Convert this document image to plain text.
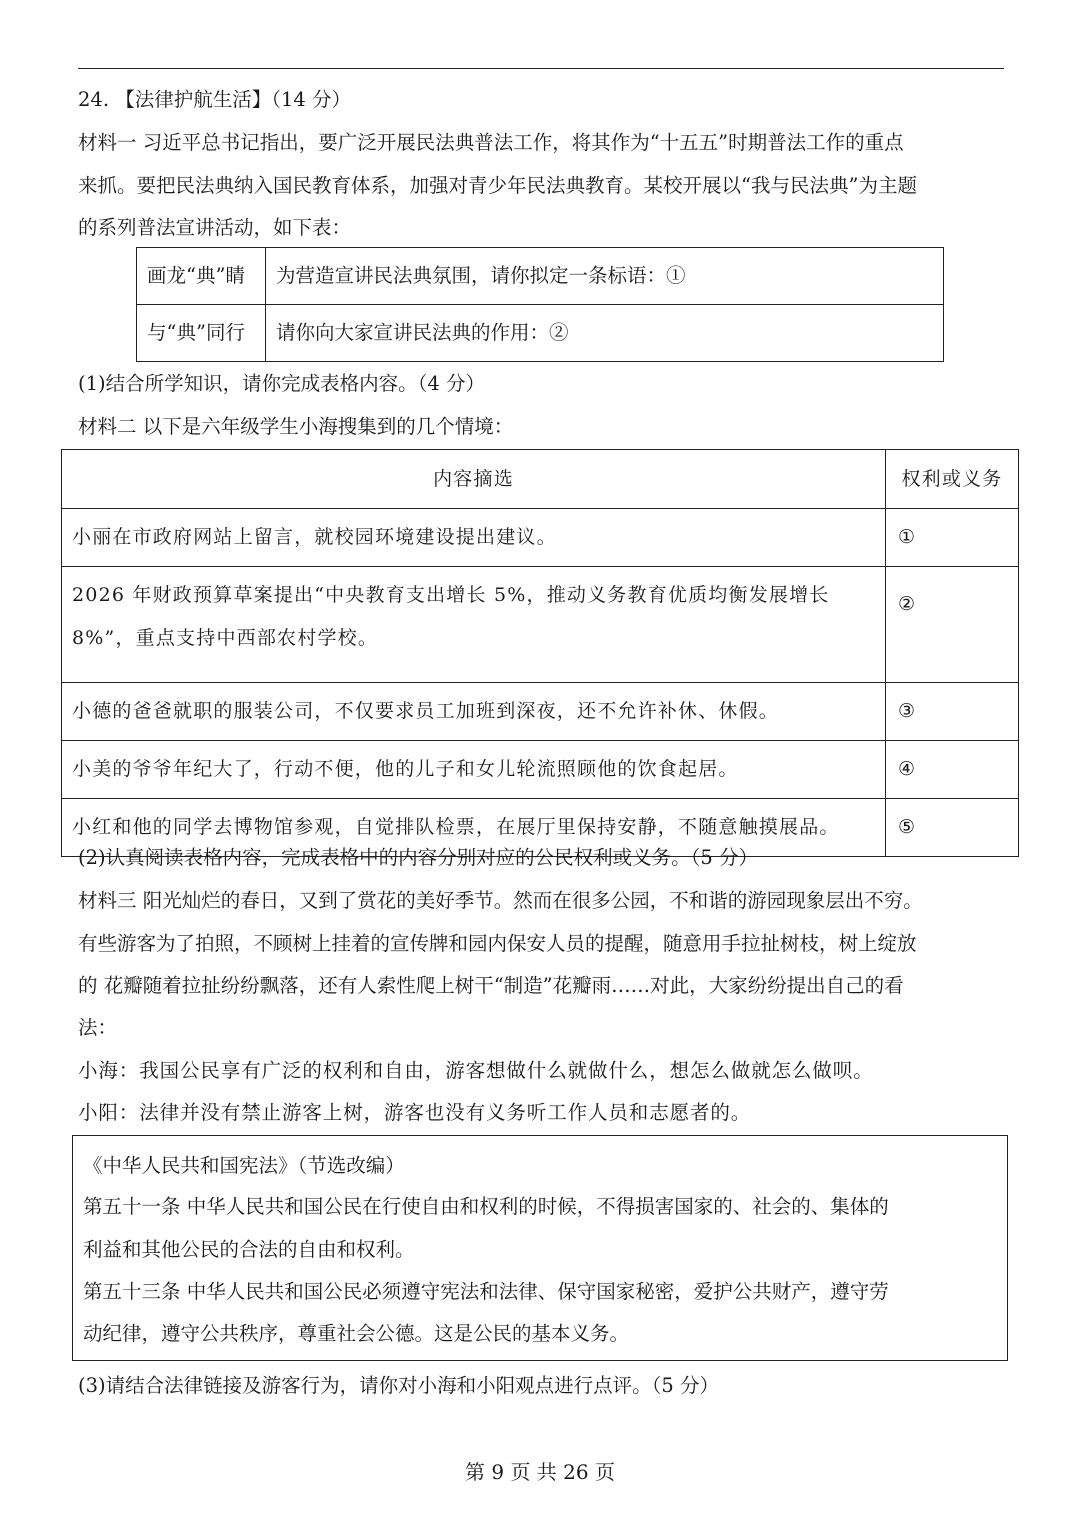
24. 【法律护航生活】（14 分）
材料一 习近平总书记指出，要广泛开展民法典普法工作，将其作为“十五五”时期普法工作的重点
来抓。要把民法典纳入国民教育体系，加强对青少年民法典教育。某校开展以“我与民法典”为主题
的系列普法宣讲活动，如下表：
画龙“典”睛	为营造宣讲民法典氛围，请你拟定一条标语：①
与“典”同行	请你向大家宣讲民法典的作用：②
(1)结合所学知识，请你完成表格内容。（4 分）
材料二 以下是六年级学生小海搜集到的几个情境：
内容摘选	权利或义务
小丽在市政府网站上留言，就校园环境建设提出建议。	①
2026 年财政预算草案提出“中央教育支出增长 5%，推动义务教育优质均衡发展增长
8%”，重点支持中西部农村学校。	②
小德的爸爸就职的服装公司，不仅要求员工加班到深夜，还不允许补休、休假。	③
小美的爷爷年纪大了，行动不便，他的儿子和女儿轮流照顾他的饮食起居。	④
小红和他的同学去博物馆参观，自觉排队检票，在展厅里保持安静，不随意触摸展品。	⑤
(2)认真阅读表格内容，完成表格中的内容分别对应的公民权利或义务。（5 分）
材料三 阳光灿烂的春日，又到了赏花的美好季节。然而在很多公园，不和谐的游园现象层出不穷。
有些游客为了拍照，不顾树上挂着的宣传牌和园内保安人员的提醒，随意用手拉扯树枝，树上绽放
的 花瓣随着拉扯纷纷飘落，还有人索性爬上树干“制造”花瓣雨……对此，大家纷纷提出自己的看
法：
小海：我国公民享有广泛的权利和自由，游客想做什么就做什么，想怎么做就怎么做呗。
小阳：法律并没有禁止游客上树，游客也没有义务听工作人员和志愿者的。
《中华人民共和国宪法》（节选改编）
第五十一条 中华人民共和国公民在行使自由和权利的时候，不得损害国家的、社会的、集体的
利益和其他公民的合法的自由和权利。
第五十三条 中华人民共和国公民必须遵守宪法和法律、保守国家秘密，爱护公共财产，遵守劳
动纪律，遵守公共秩序，尊重社会公德。这是公民的基本义务。
(3)请结合法律链接及游客行为，请你对小海和小阳观点进行点评。（5 分）
第 9 页 共 26 页
